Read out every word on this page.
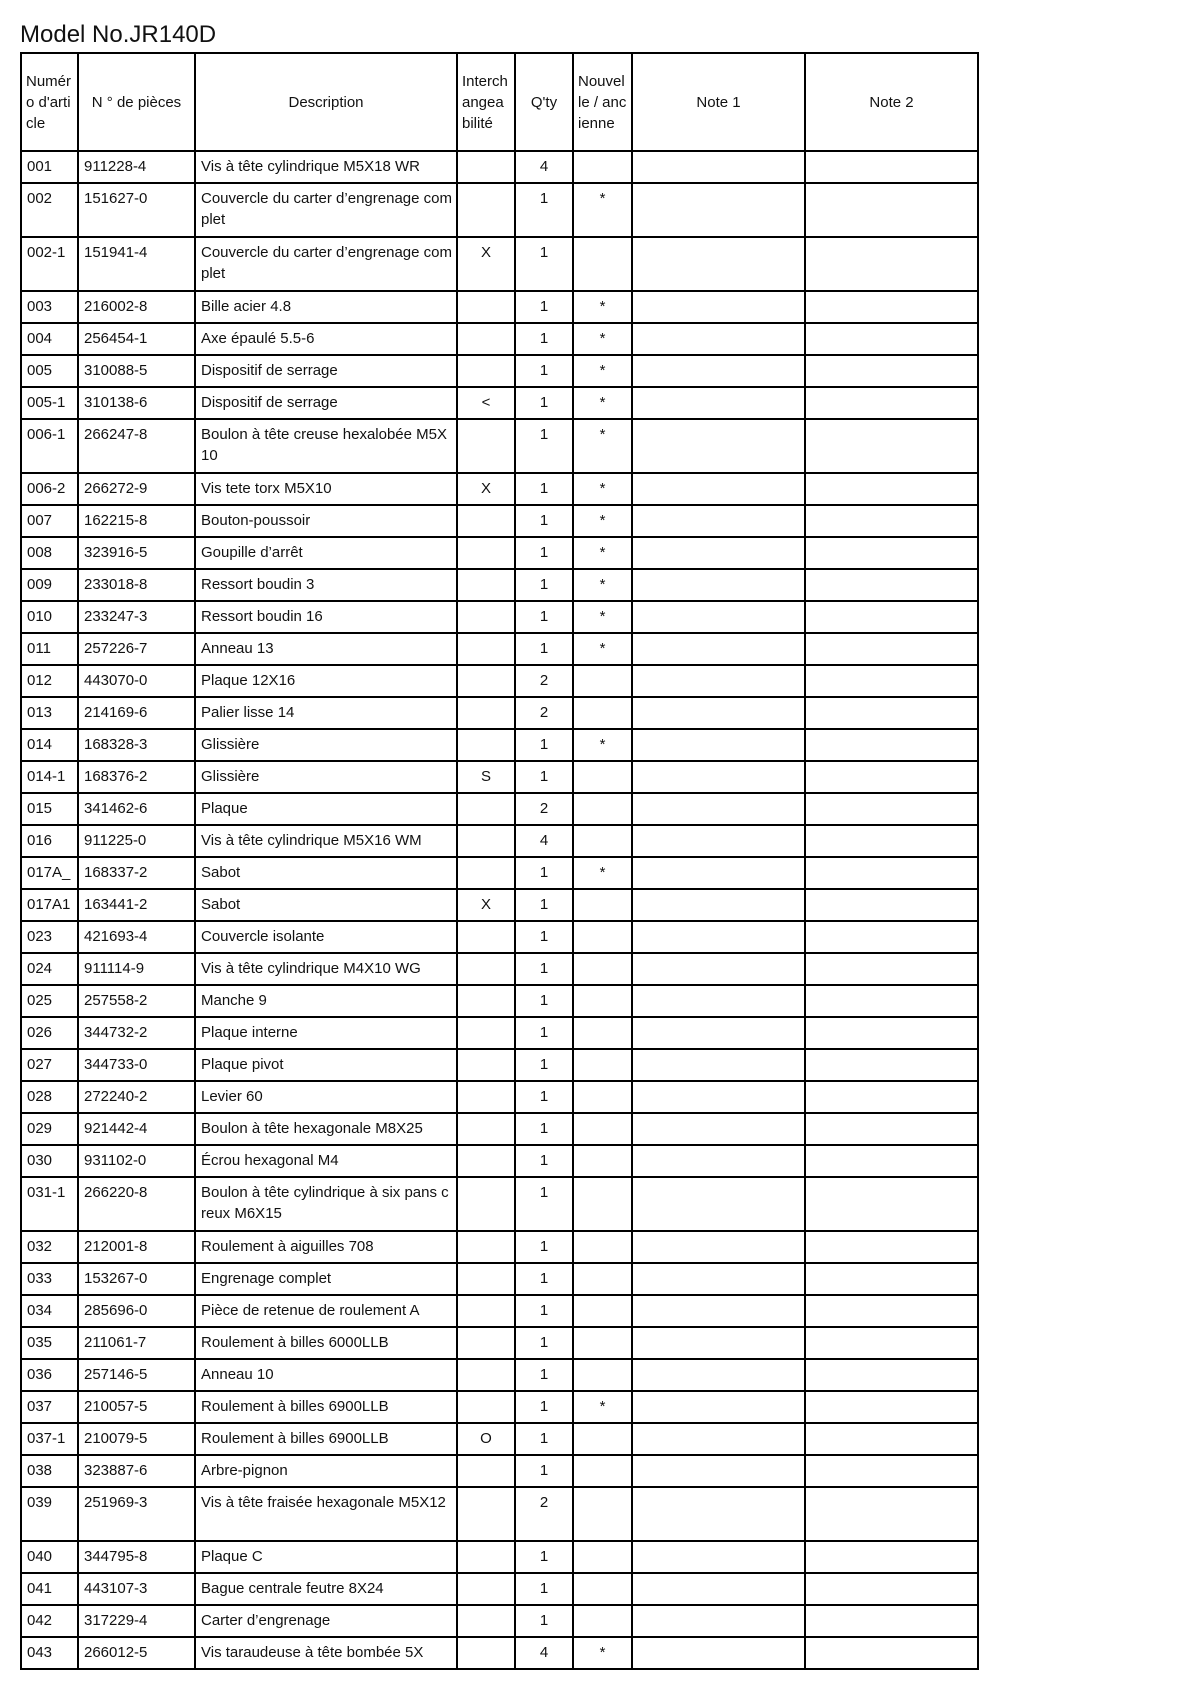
Model No.JR140D
Numéro d'article	N ° de pièces	Description	Interchangeabilité	Q'ty	Nouvelle / ancienne	Note 1	Note 2
001	911228-4	Vis à tête cylindrique M5X18 WR		4			
002	151627-0	Couvercle du carter d’engrenage complet		1	*		
002-1	151941-4	Couvercle du carter d’engrenage complet	X	1			
003	216002-8	Bille acier 4.8		1	*		
004	256454-1	Axe épaulé 5.5-6		1	*		
005	310088-5	Dispositif de serrage		1	*		
005-1	310138-6	Dispositif de serrage	<	1	*		
006-1	266247-8	Boulon à tête creuse hexalobée M5X10		1	*		
006-2	266272-9	Vis tete torx M5X10	X	1	*		
007	162215-8	Bouton-poussoir		1	*		
008	323916-5	Goupille d’arrêt		1	*		
009	233018-8	Ressort boudin 3		1	*		
010	233247-3	Ressort boudin 16		1	*		
011	257226-7	Anneau 13		1	*		
012	443070-0	Plaque 12X16		2			
013	214169-6	Palier lisse 14		2			
014	168328-3	Glissière		1	*		
014-1	168376-2	Glissière	S	1			
015	341462-6	Plaque		2			
016	911225-0	Vis à tête cylindrique M5X16 WM		4			
017A_	168337-2	Sabot		1	*		
017A1	163441-2	Sabot	X	1			
023	421693-4	Couvercle isolante		1			
024	911114-9	Vis à tête cylindrique M4X10 WG		1			
025	257558-2	Manche 9		1			
026	344732-2	Plaque interne		1			
027	344733-0	Plaque pivot		1			
028	272240-2	Levier 60		1			
029	921442-4	Boulon à tête hexagonale M8X25		1			
030	931102-0	Écrou hexagonal M4		1			
031-1	266220-8	Boulon à tête cylindrique à six pans creux M6X15		1			
032	212001-8	Roulement à aiguilles 708		1			
033	153267-0	Engrenage complet		1			
034	285696-0	Pièce de retenue de roulement A		1			
035	211061-7	Roulement à billes 6000LLB		1			
036	257146-5	Anneau 10		1			
037	210057-5	Roulement à billes 6900LLB		1	*		
037-1	210079-5	Roulement à billes 6900LLB	O	1			
038	323887-6	Arbre-pignon		1			
039	251969-3	Vis à tête fraisée hexagonale M5X12		2			
040	344795-8	Plaque C		1			
041	443107-3	Bague centrale feutre 8X24		1			
042	317229-4	Carter d’engrenage		1			
043	266012-5	Vis taraudeuse à tête bombée 5X		4	*		
